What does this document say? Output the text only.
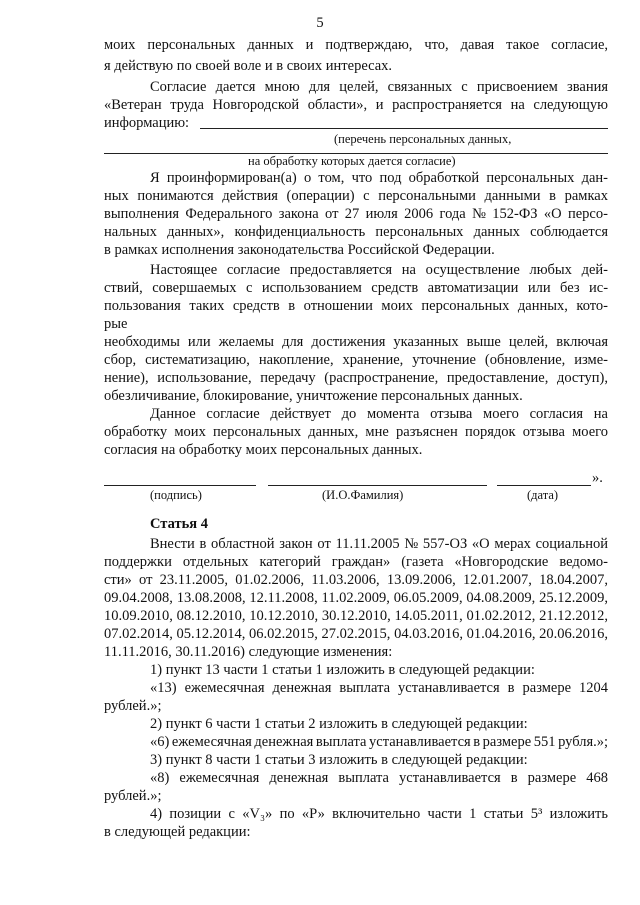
5
моих персональных данных и подтверждаю, что, давая такое согласие,
я действую по своей воле и в своих интересах.
Согласие дается мною для целей, связанных с присвоением звания
«Ветеран труда Новгородской области», и распространяется на следующую
информацию:
(перечень персональных данных,
на обработку которых дается согласие)
Я проинформирован(а) о том, что под обработкой персональных дан-
ных понимаются действия (операции) с персональными данными в рамках
выполнения Федерального закона от 27 июля 2006 года № 152-ФЗ «О персо-
нальных данных», конфиденциальность персональных данных соблюдается
в рамках исполнения законодательства Российской Федерации.
Настоящее согласие предоставляется на осуществление любых дей-
ствий, совершаемых с использованием средств автоматизации или без ис-
пользования таких средств в отношении моих персональных данных, кото-
рые
необходимы или желаемы для достижения указанных выше целей, включая
сбор, систематизацию, накопление, хранение, уточнение (обновление, изме-
нение), использование, передачу (распространение, предоставление, доступ),
обезличивание, блокирование, уничтожение персональных данных.
Данное согласие действует до момента отзыва моего согласия на
обработку моих персональных данных, мне разъяснен порядок отзыва моего
согласия на обработку моих персональных данных.
».
(подпись)	(И.О.Фамилия)	(дата)
Статья 4
Внести в областной закон от 11.11.2005 № 557-ОЗ «О мерах социальной
поддержки отдельных категорий граждан» (газета «Новгородские ведомо-
сти» от 23.11.2005, 01.02.2006, 11.03.2006, 13.09.2006, 12.01.2007, 18.04.2007,
09.04.2008, 13.08.2008, 12.11.2008, 11.02.2009, 06.05.2009, 04.08.2009, 25.12.2009,
10.09.2010, 08.12.2010, 10.12.2010, 30.12.2010, 14.05.2011, 01.02.2012, 21.12.2012,
07.02.2014, 05.12.2014, 06.02.2015, 27.02.2015, 04.03.2016, 01.04.2016, 20.06.2016,
11.11.2016, 30.11.2016) следующие изменения:
1) пункт 13 части 1 статьи 1 изложить в следующей редакции:
«13) ежемесячная денежная выплата устанавливается в размере 1204
рублей.»;
2) пункт 6 части 1 статьи 2 изложить в следующей редакции:
«6) ежемесячная денежная выплата устанавливается в размере 551 рубля.»;
3) пункт 8 части 1 статьи 3 изложить в следующей редакции:
«8) ежемесячная денежная выплата устанавливается в размере 468
рублей.»;
4) позиции с «V₃» по «Р» включительно части 1 статьи 5³ изложить
в следующей редакции:
